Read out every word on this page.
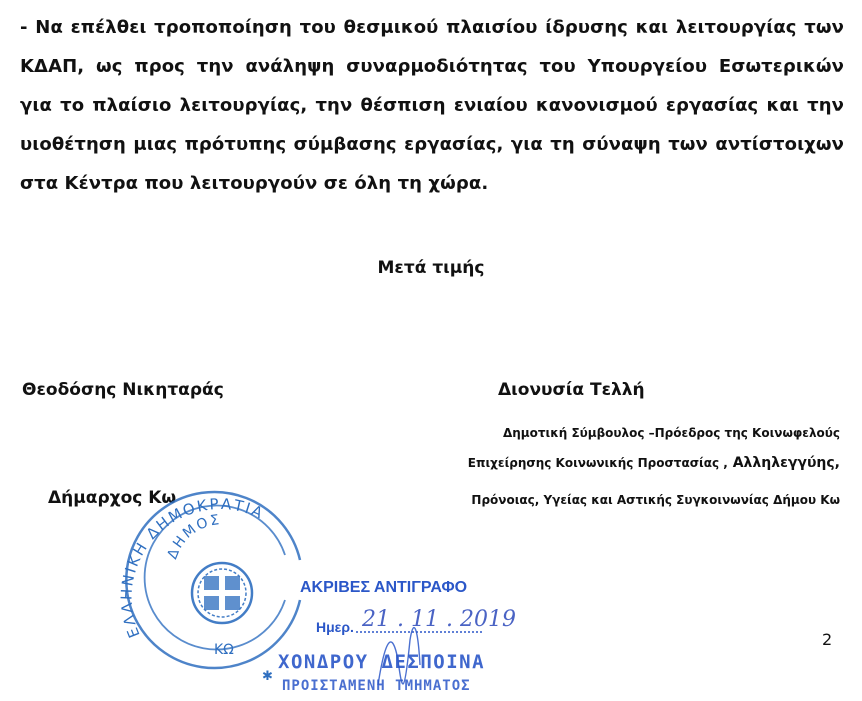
- Να επέλθει τροποποίηση του θεσμικού πλαισίου ίδρυσης και λειτουργίας των
ΚΔΑΠ, ως προς την ανάληψη συναρμοδιότητας του Υπουργείου Εσωτερικών
για το πλαίσιο λειτουργίας, την θέσπιση ενιαίου κανονισμού εργασίας και την
υιοθέτηση μιας πρότυπης σύμβασης εργασίας, για τη σύναψη των αντίστοιχων
στα Κέντρα που λειτουργούν σε όλη τη χώρα.
Μετά τιμής
Θεοδόσης Νικηταράς
Δήμαρχος Κω
Διονυσία Τελλή
Δημοτική Σύμβουλος –Πρόεδρος της Κοινωφελούς
Επιχείρησης Κοινωνικής Προστασίας , Αλληλεγγύης,
Πρόνοιας, Υγείας και Αστικής Συγκοινωνίας Δήμου Κω
ΕΛΛΗΝΙΚΗ ΔΗΜΟΚΡΑΤΙΑ
ΔΗΜΟΣ
ΚΩ
✱
ΑΚΡΙΒΕΣ ΑΝΤΙΓΡΑΦΟ
Ημερ. 21 . 11 . 2019
ΧΟΝΔΡΟΥ ΔΕΣΠΟΙΝΑ
ΠΡΟΙΣΤΑΜΕΝΗ ΤΜΗΜΑΤΟΣ
2
